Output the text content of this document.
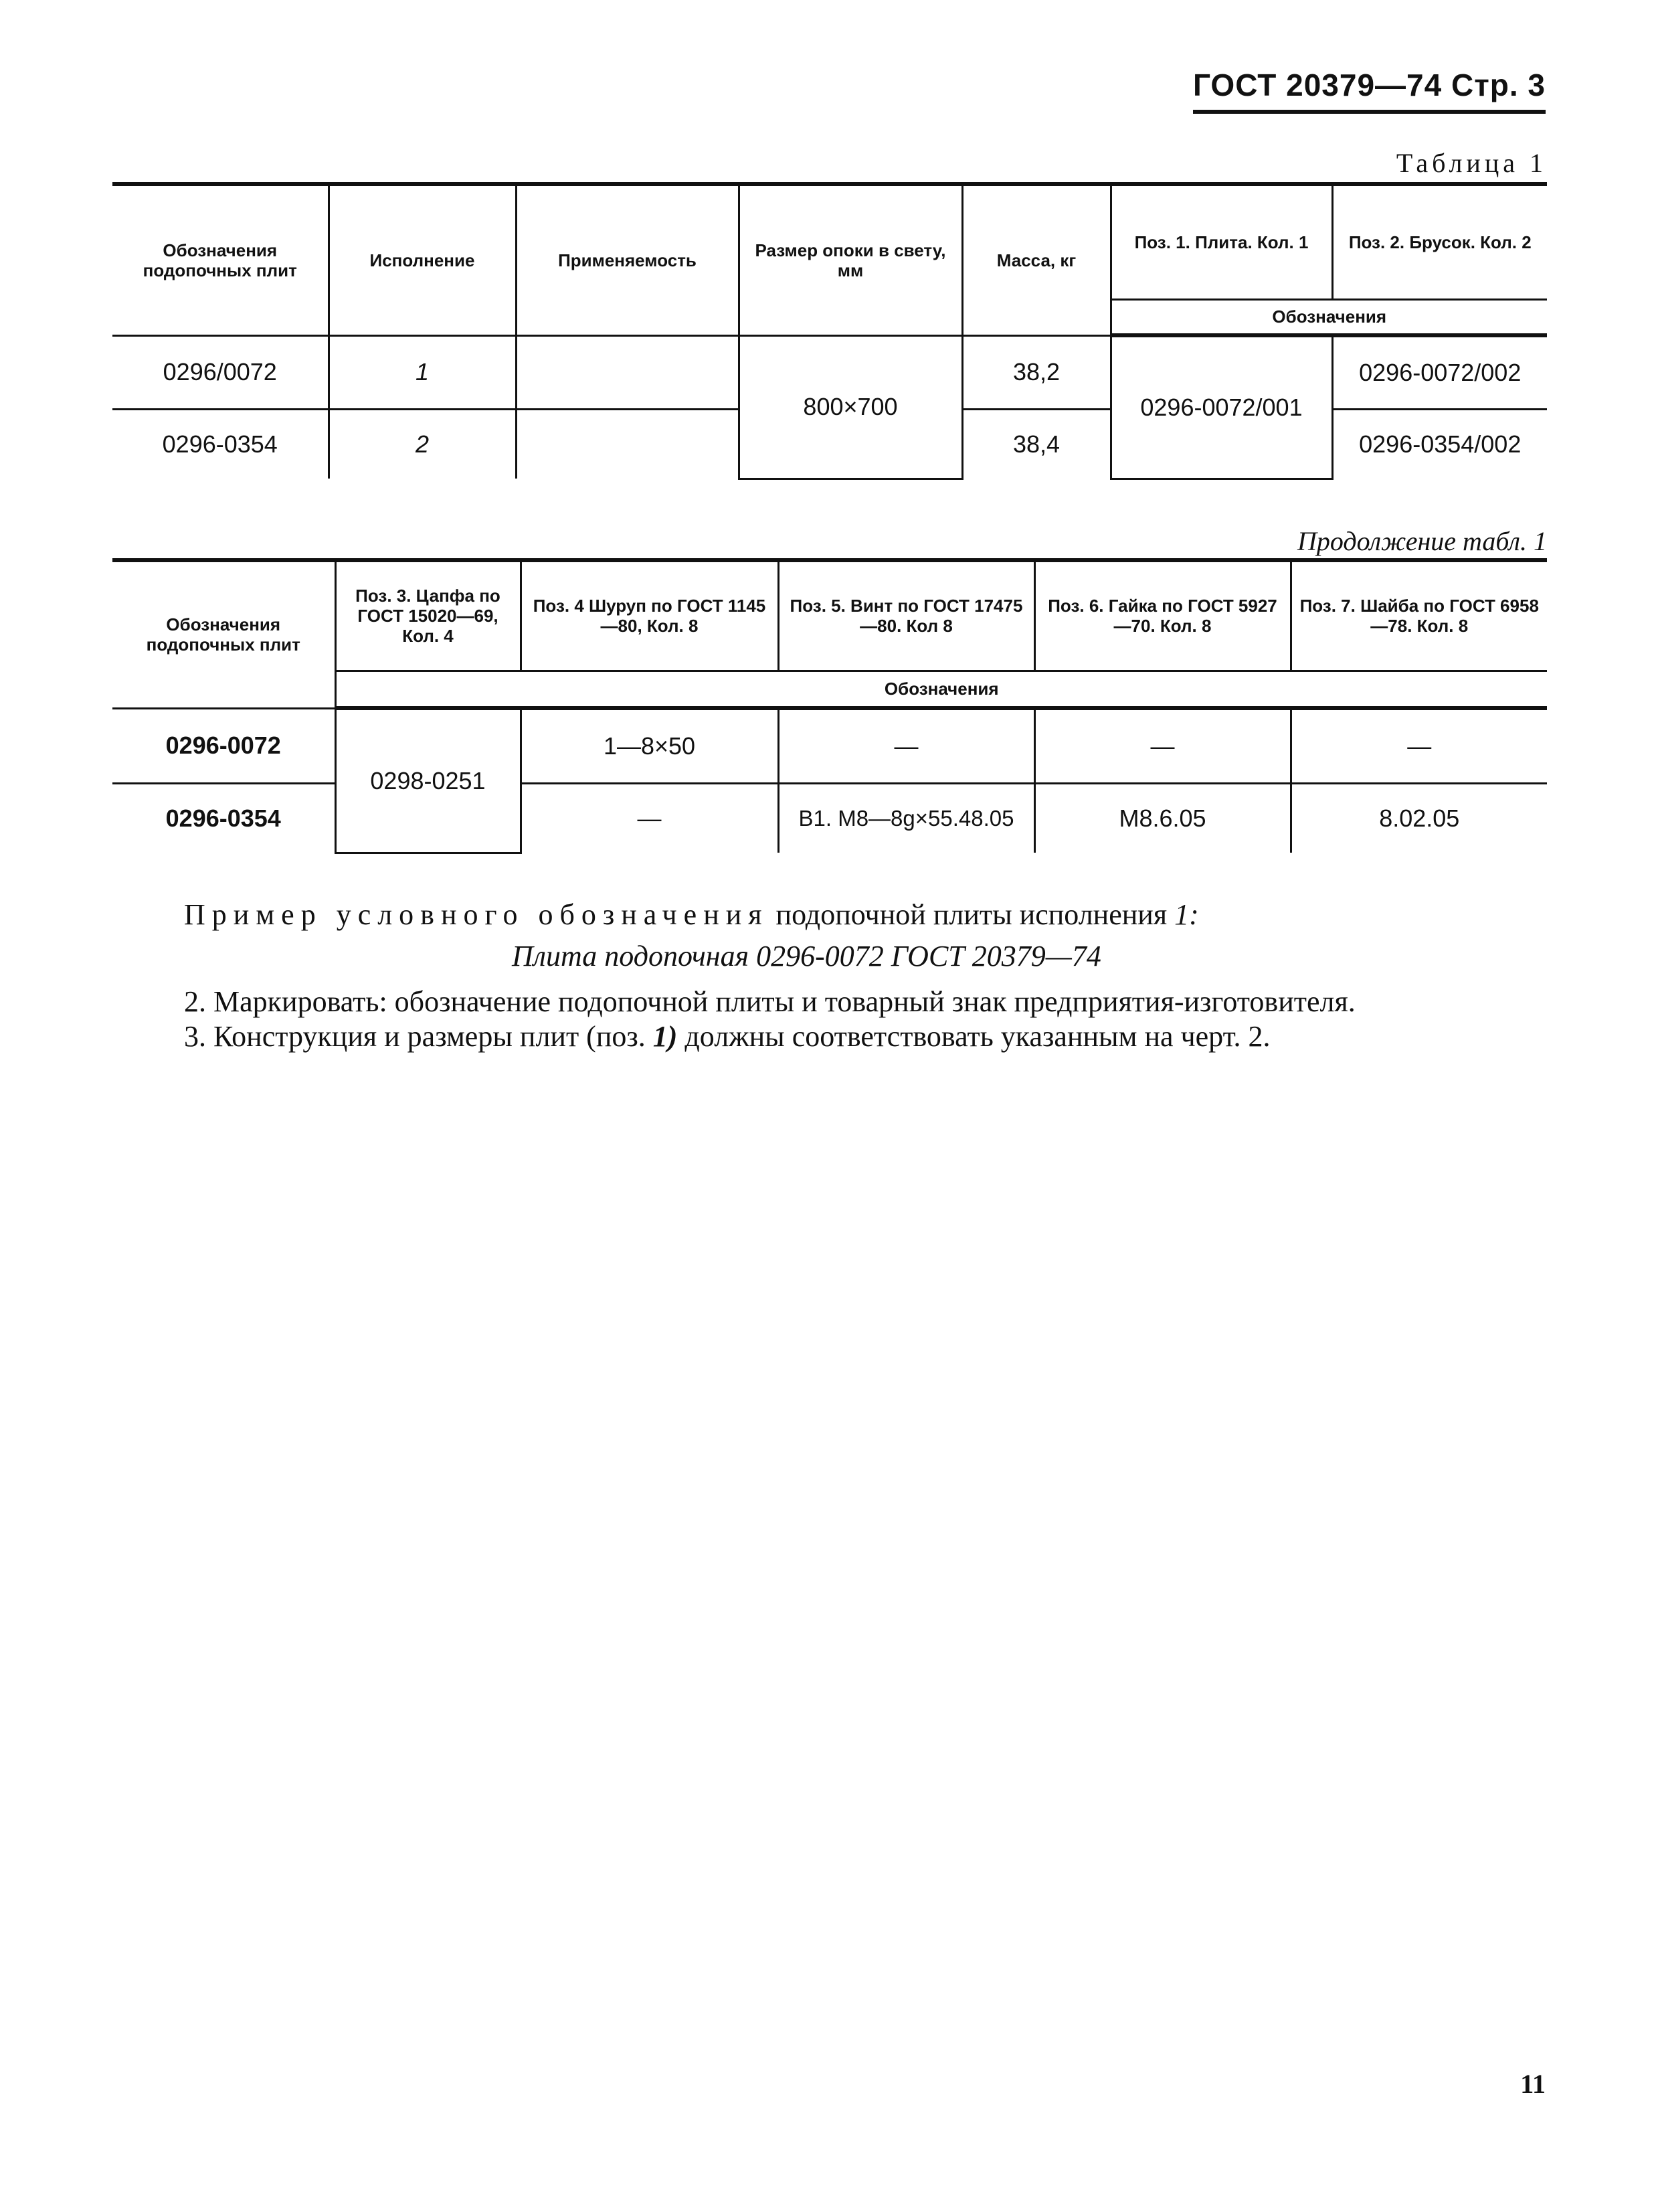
ГОСТ 20379—74 Стр. 3
Таблица 1
Обозначения подопочных плит	Исполнение	Применяемость	Размер опоки в свету, мм	Масса, кг	Поз. 1. Плита. Кол. 1	Поз. 2. Брусок. Кол. 2
					Обозначения	
0296/0072	1		800×700	38,2	0296-0072/001	0296-0072/002
0296-0354	2			38,4		0296-0354/002
Продолжение табл. 1
Обозначения подопочных плит	Поз. 3. Цапфа по ГОСТ 15020—69, Кол. 4	Поз. 4 Шуруп по ГОСТ 1145—80, Кол. 8	Поз. 5. Винт по ГОСТ 17475—80. Кол 8	Поз. 6. Гайка по ГОСТ 5927—70. Кол. 8	Поз. 7. Шайба по ГОСТ 6958—78. Кол. 8
	Обозначения				
0296-0072	0298-0251	1—8×50	—	—	—
0296-0354		—	В1. М8—8g×55.48.05	М8.6.05	8.02.05
Пример условного обозначения подопочной плиты исполнения 1:
Плита подопочная 0296-0072 ГОСТ 20379—74
2. Маркировать: обозначение подопочной плиты и товарный знак предприятия-изготовителя.
3. Конструкция и размеры плит (поз. 1) должны соответствовать указанным на черт. 2.
11
